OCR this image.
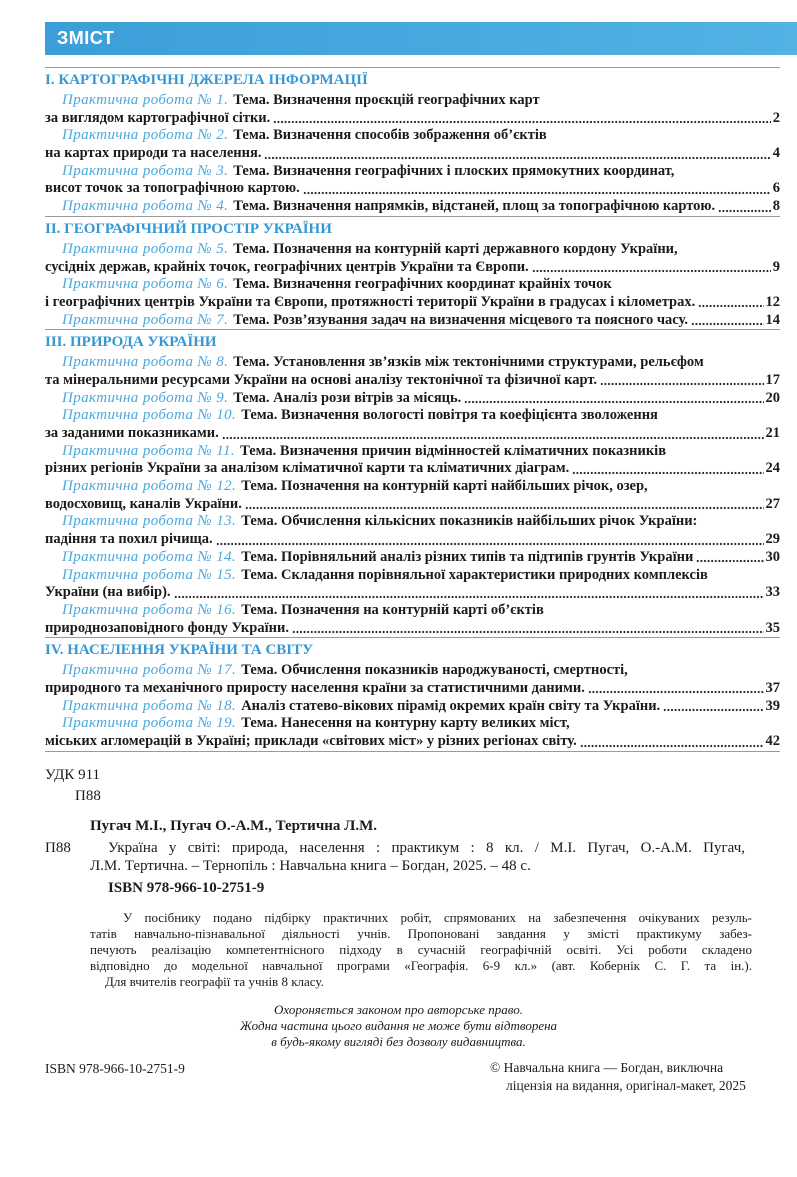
ЗМІСТ
I. КАРТОГРАФІЧНІ ДЖЕРЕЛА ІНФОРМАЦІЇ
Практична робота № 1. Тема. Визначення проєкцій географічних карт
за виглядом картографічної сітки.	2
Практична робота № 2. Тема. Визначення способів зображення об’єктів
на картах природи та населення.	4
Практична робота № 3. Тема. Визначення географічних і плоских прямокутних координат,
висот точок за топографічною картою.	6
Практична робота № 4. Тема. Визначення напрямків, відстаней, площ за топографічною картою.	8
II. ГЕОГРАФІЧНИЙ ПРОСТІР УКРАЇНИ
Практична робота № 5. Тема. Позначення на контурній карті державного кордону України,
сусідніх держав, крайніх точок, географічних центрів України та Європи.	9
Практична робота № 6. Тема. Визначення географічних координат крайніх точок
і географічних центрів України та Європи, протяжності території України в градусах і кілометрах.	12
Практична робота № 7. Тема. Розв’язування задач на визначення місцевого та поясного часу.	14
III. ПРИРОДА УКРАЇНИ
Практична робота № 8. Тема. Установлення зв’язків між тектонічними структурами, рельєфом
та мінеральними ресурсами України на основі аналізу тектонічної та фізичної карт.	17
Практична робота № 9. Тема. Аналіз рози вітрів за місяць.	20
Практична робота № 10. Тема. Визначення вологості повітря та коефіцієнта зволоження
за заданими показниками.	21
Практична робота № 11. Тема. Визначення причин відмінностей кліматичних показників
різних регіонів України за аналізом кліматичної карти та кліматичних діаграм.	24
Практична робота № 12. Тема. Позначення на контурній карті найбільших річок, озер,
водосховищ, каналів України.	27
Практична робота № 13. Тема. Обчислення кількісних показників найбільших річок України:
падіння та похил річища.	29
Практична робота № 14. Тема. Порівняльний аналіз різних типів та підтипів грунтів України	30
Практична робота № 15. Тема. Складання порівняльної характеристики природних комплексів
України (на вибір).	33
Практична робота № 16. Тема. Позначення на контурній карті об’єктів
природнозаповідного фонду України.	35
IV. НАСЕЛЕННЯ УКРАЇНИ ТА СВІТУ
Практична робота № 17. Тема. Обчислення показників народжуваності, смертності,
природного та механічного приросту населення країни за статистичними даними.	37
Практична робота № 18. Аналіз статево-вікових пірамід окремих країн світу та України.	39
Практична робота № 19. Тема. Нанесення на контурну карту великих міст,
міських агломерацій в Україні; приклади «світових міст» у різних регіонах світу.	42
УДК 911
П88
Пугач М.І., Пугач О.-А.М., Тертична Л.М.
П88 Україна у світі: природа, населення : практикум : 8 кл. / М.І. Пугач, О.-А.М. Пугач,
Л.М. Тертична. – Тернопіль : Навчальна книга – Богдан, 2025. – 48 с.
ISBN 978-966-10-2751-9
У посібнику подано підбірку практичних робіт, спрямованих на забезпечення очікуваних резуль-
татів навчально-пізнавальної діяльності учнів. Пропоновані завдання у змісті практикуму забез-
печують реалізацію компетентнісного підходу в сучасній географічній освіті. Усі роботи складено
відповідно до модельної навчальної програми «Географія. 6-9 кл.» (авт. Кобернік С. Г. та ін.).
Для вчителів географії та учнів 8 класу.
Охороняється законом про авторське право.
Жодна частина цього видання не може бути відтворена
в будь-якому вигляді без дозволу видавництва.
ISBN 978-966-10-2751-9	© Навчальна книга — Богдан, виключна
ліцензія на видання, оригінал-макет, 2025
